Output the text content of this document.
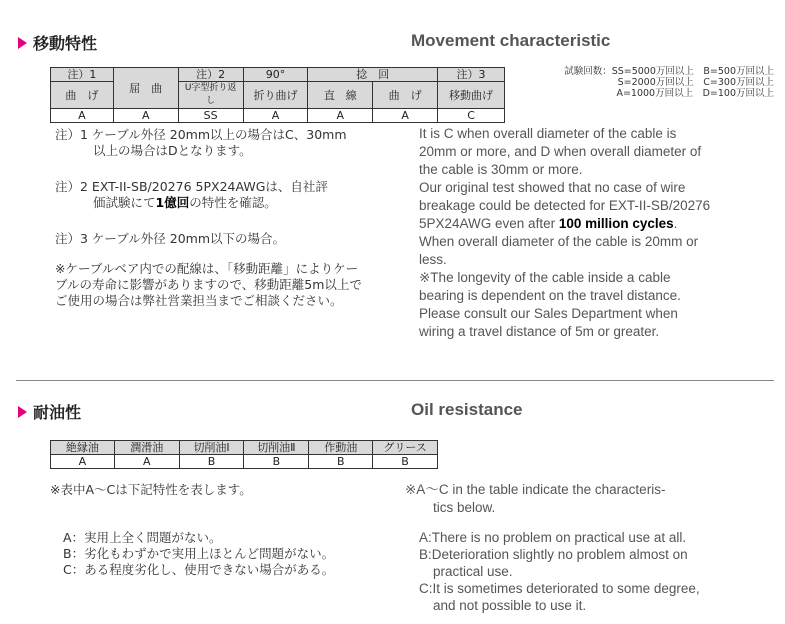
移動特性	Movement characteristic
注）1	屈　曲	注）2	90°	捻　回		注）3
曲　げ		U字型折り返し	折り曲げ	直　線	曲　げ	移動曲げ
A	A	SS	A	A	A	C
試験回数：SS=5000万回以上　B=500万回以上
S=2000万回以上　C=300万回以上
A=1000万回以上　D=100万回以上
注）1 ケーブル外径 20mm以上の場合はC、30mm
以上の場合はDとなります。
注）2 EXT-II-SB/20276 5PX24AWGは、自社評
価試験にて1億回の特性を確認。
注）3 ケーブル外径 20mm以下の場合。
※ケーブルベア内での配線は、「移動距離」によりケー
ブルの寿命に影響がありますので、移動距離5m以上で
ご使用の場合は弊社営業担当までご相談ください。
It is C when overall diameter of the cable is
20mm or more, and D when overall diameter of
the cable is 30mm or more.
Our original test showed that no case of wire
breakage could be detected for EXT-II-SB/20276
5PX24AWG even after 100 million cycles.
When overall diameter of the cable is 20mm or
less.
※The longevity of the cable inside a cable
bearing is dependent on the travel distance.
Please consult our Sales Department when
wiring a travel distance of 5m or greater.
耐油性	Oil resistance
絶縁油	潤滑油	切削油Ⅰ	切削油Ⅱ	作動油	グリース
A	A	B	B	B	B
※表中A～Cは下記特性を表します。
A：実用上全く問題がない。
B：劣化もわずかで実用上ほとんど問題がない。
C：ある程度劣化し、使用できない場合がある。
※A～C in the table indicate the characteris-
tics below.
A:There is no problem on practical use at all.
B:Deterioration slightly no problem almost on
practical use.
C:It is sometimes deteriorated to some degree,
and not possible to use it.
